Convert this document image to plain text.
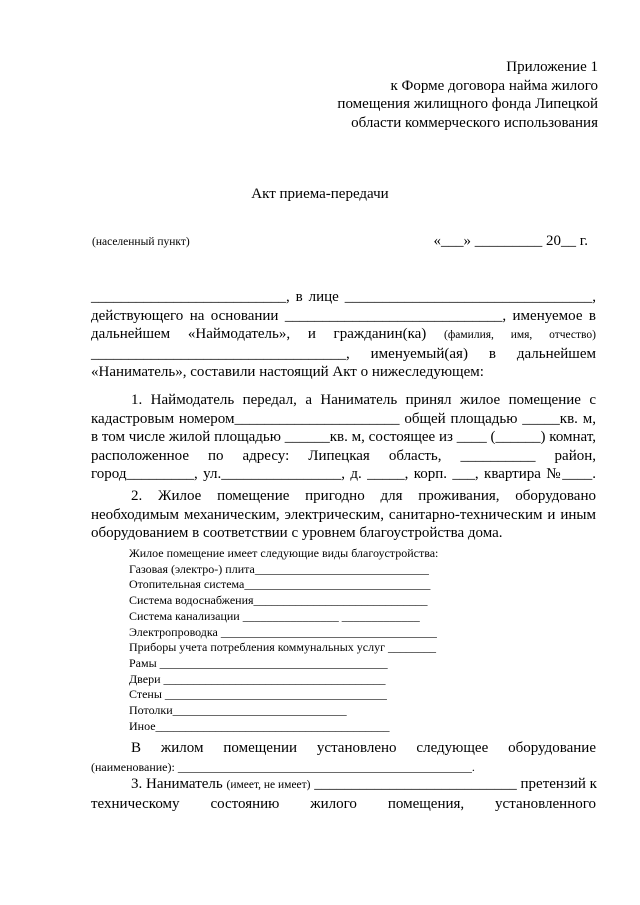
Приложение 1
к Форме договора найма жилого
помещения жилищного фонда Липецкой
области коммерческого использования
Акт приема-передачи
(населенный пункт)	«___» _________ 20__ г.
__________________________, в лице _________________________________,
действующего на основании _____________________________, именуемое в
дальнейшем «Наймодатель», и гражданин(ка) (фамилия, имя, отчество)
__________________________________, именуемый(ая) в дальнейшем
«Наниматель», составили настоящий Акт о нижеследующем:
1. Наймодатель передал, а Наниматель принял жилое помещение с
кадастровым номером______________________ общей площадью _____кв. м,
в том числе жилой площадью ______кв. м, состоящее из ____ (______) комнат,
расположенное по адресу: Липецкая область, __________ район,
город_________, ул.________________, д. _____, корп. ___, квартира №____.
2. Жилое помещение пригодно для проживания, оборудовано
необходимым механическим, электрическим, санитарно-техническим и иным
оборудованием в соответствии с уровнем благоустройства дома.
Жилое помещение имеет следующие виды благоустройства:
Газовая (электро-) плита_____________________________
Отопительная система_______________________________
Система водоснабжения_____________________________
Система канализации ________________ _____________
Электропроводка ____________________________________
Приборы учета потребления коммунальных услуг ________
Рамы ______________________________________
Двери _____________________________________
Стены _____________________________________
Потолки_____________________________
Иное_______________________________________
В жилом помещении установлено следующее оборудование
(наименование): _________________________________________________.
3. Наниматель (имеет, не имеет) ___________________________ претензий к
техническому состоянию жилого помещения, установленного
